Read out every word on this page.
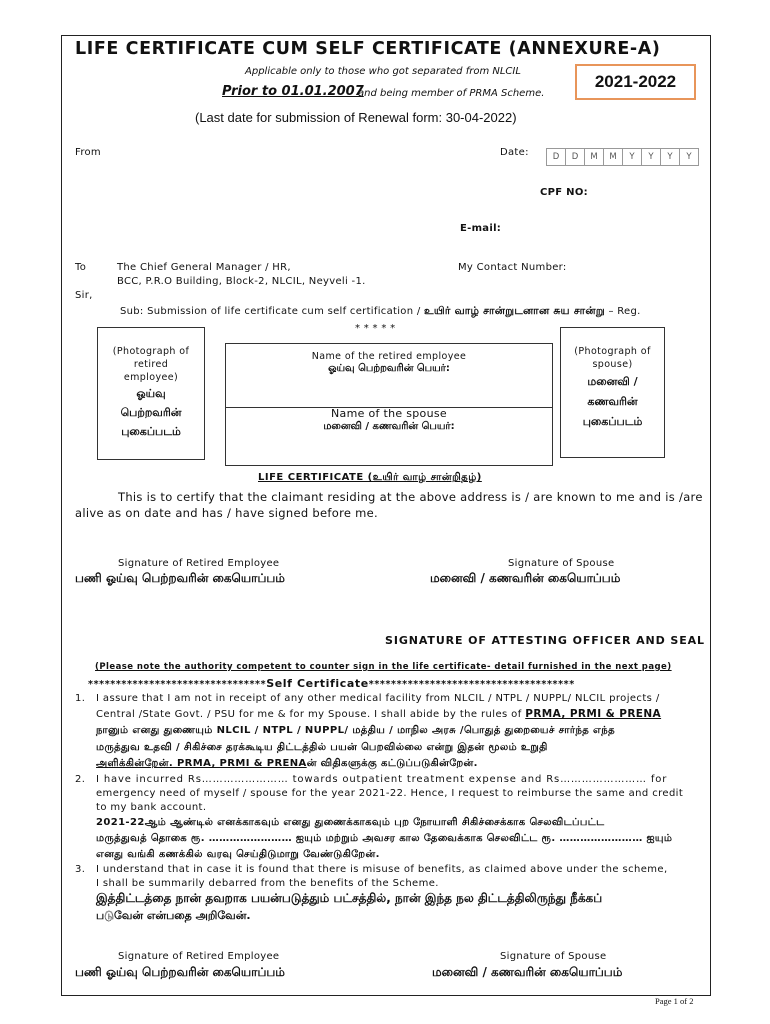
LIFE CERTIFICATE CUM SELF CERTIFICATE (ANNEXURE-A)
Applicable only to those who got separated from NLCIL
2021-2022
Prior to 01.01.2007
and being member of PRMA Scheme.
(Last date for submission of Renewal form: 30-04-2022)
From	Date:	D	D	M	M	Y	Y	Y	Y
CPF NO:
E-mail:
To	The Chief General Manager / HR,
BCC, P.R.O Building, Block-2, NLCIL, Neyveli -1.
My Contact Number:
Sir,
Sub: Submission of life certificate cum self certification / உயிர் வாழ் சான்றுடனான சுய சான்று – Reg.
* * * * *
(Photograph of
retired
employee)
ஓய்வு
பெற்றவரின்
புகைப்படம்
Name of the retired employee
ஓய்வு பெற்றவரின் பெயர்:
Name of the spouse
மனைவி / கணவரின் பெயர்:
(Photograph of
spouse)
மனைவி /
கணவரின்
புகைப்படம்
LIFE CERTIFICATE (உயிர் வாழ் சான்றிதழ்)
This is to certify that the claimant residing at the above address is / are known to me and is /are
alive as on date and has / have signed before me.
Signature of Retired Employee
பணி ஓய்வு பெற்றவரின் கையொப்பம்
Signature of Spouse
மனைவி / கணவரின் கையொப்பம்
SIGNATURE OF ATTESTING OFFICER AND SEAL
(Please note the authority competent to counter sign in the life certificate- detail furnished in the next page)
********************************Self Certificate*************************************
1. I assure that I am not in receipt of any other medical facility from NLCIL / NTPL / NUPPL/ NLCIL projects /
Central /State Govt. / PSU for me & for my Spouse. I shall abide by the rules of PRMA, PRMI & PRENA
நானும் எனது துணையும் NLCIL / NTPL / NUPPL/ மத்திய / மாநில அரசு /பொதுத் துறையைச் சார்ந்த எந்த
மருத்துவ உதவி / சிகிச்சை தரக்கூடிய திட்டத்தில் பயன் பெறவில்லை என்று இதன் மூலம் உறுதி
அளிக்கின்றேன். PRMA, PRMI & PRENAன் விதிகளுக்கு கட்டுப்படுகின்றேன்.
2. I have incurred Rs…………………… towards outpatient treatment expense and Rs…………………… for
emergency need of myself / spouse for the year 2021-22. Hence, I request to reimburse the same and credit
to my bank account.
2021-22ஆம் ஆண்டில் எனக்காகவும் எனது துணைக்காகவும் புற நோயாளி சிகிச்சைக்காக செலவிடப்பட்ட
மருத்துவத் தொகை ரூ. …………………… ஐயும் மற்றும் அவசர கால தேவைக்காக செலவிட்ட ரூ. …………………… ஐயும்
எனது வங்கி கணக்கில் வரவு செய்திடுமாறு வேண்டுகிறேன்.
3. I understand that in case it is found that there is misuse of benefits, as claimed above under the scheme,
I shall be summarily debarred from the benefits of the Scheme.
இத்திட்டத்தை நான் தவறாக பயன்படுத்தும் பட்சத்தில், நான் இந்த நல திட்டத்திலிருந்து நீக்கப்
படுவேன் என்பதை அறிவேன்.
Signature of Retired Employee
பணி ஓய்வு பெற்றவரின் கையொப்பம்
Signature of Spouse
மனைவி / கணவரின் கையொப்பம்
Page 1 of 2
